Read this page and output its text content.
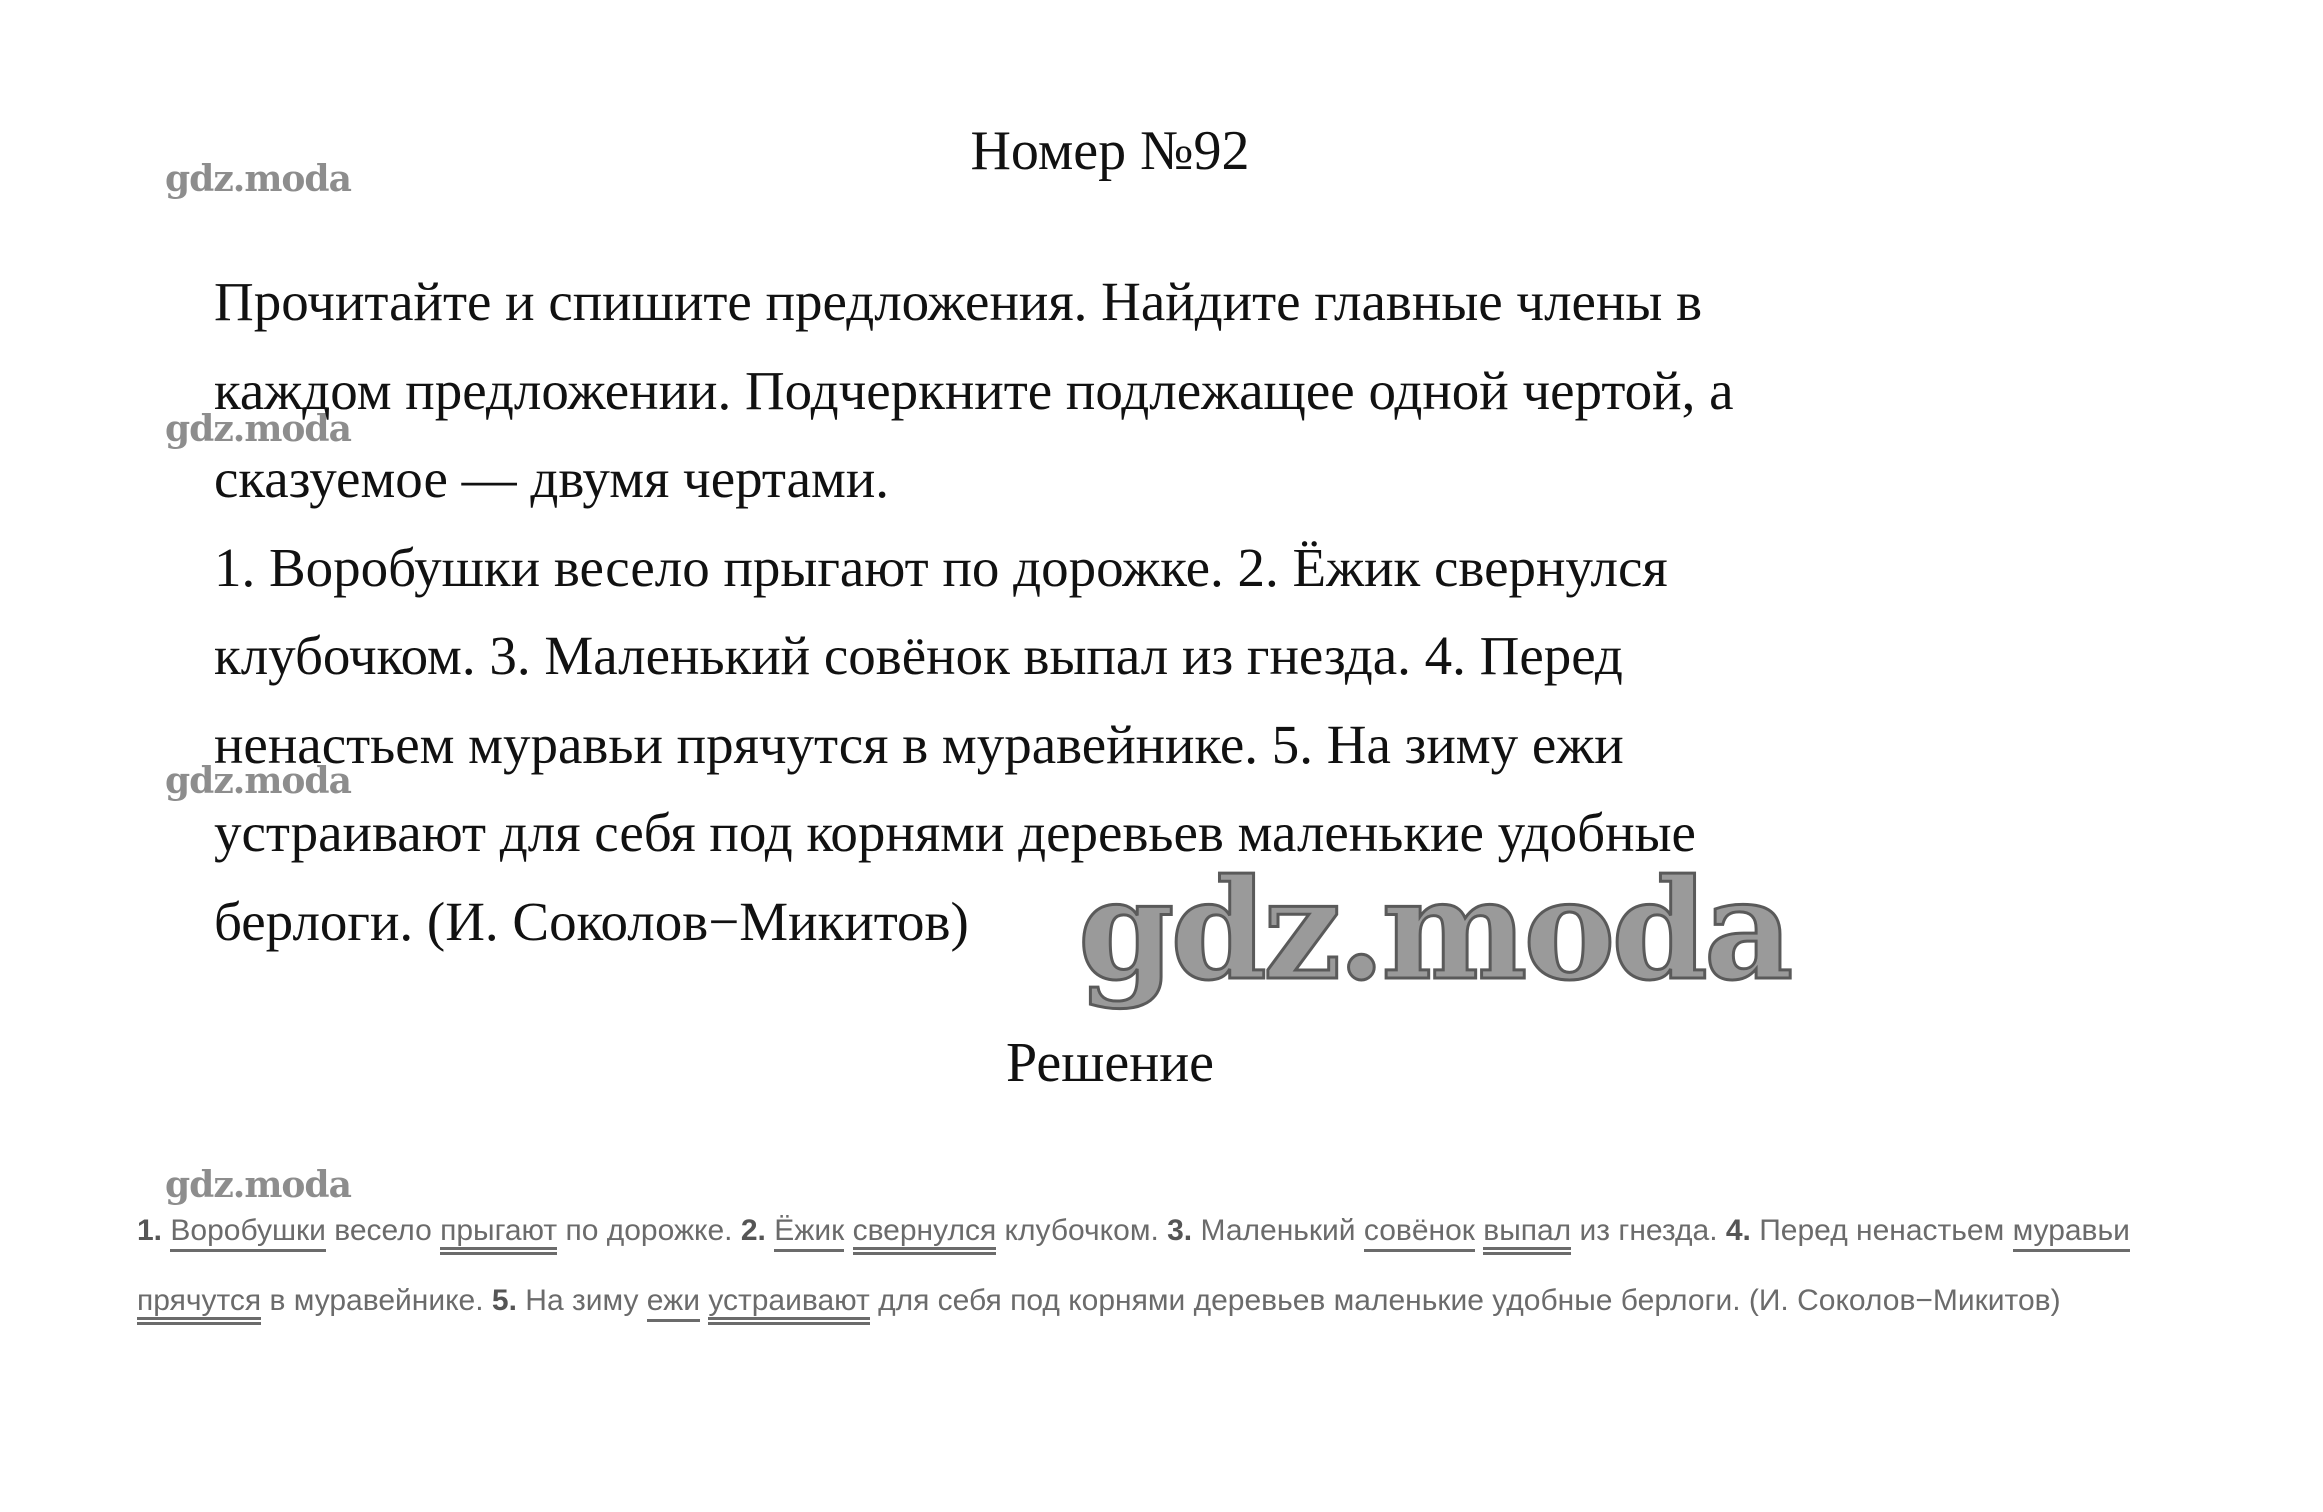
Номер №92
gdz.moda
gdz.moda
gdz.moda
gdz.moda
Прочитайте и спишите предложения. Найдите главные члены в
каждом предложении. Подчеркните подлежащее одной чертой, а
сказуемое — двумя чертами.
1. Воробушки весело прыгают по дорожке. 2. Ёжик свернулся
клубочком. 3. Маленький совёнок выпал из гнезда. 4. Перед
ненастьем муравьи прячутся в муравейнике. 5. На зиму ежи
устраивают для себя под корнями деревьев маленькие удобные
берлоги. (И. Соколов−Микитов) gdz.moda
Решение
1. Воробушки весело прыгают по дорожке. 2. Ёжик свернулся клубочком. 3. Маленький совёнок выпал из гнезда. 4. Перед ненастьем муравьи
прячутся в муравейнике. 5. На зиму ежи устраивают для себя под корнями деревьев маленькие удобные берлоги. (И. Соколов−Микитов)
